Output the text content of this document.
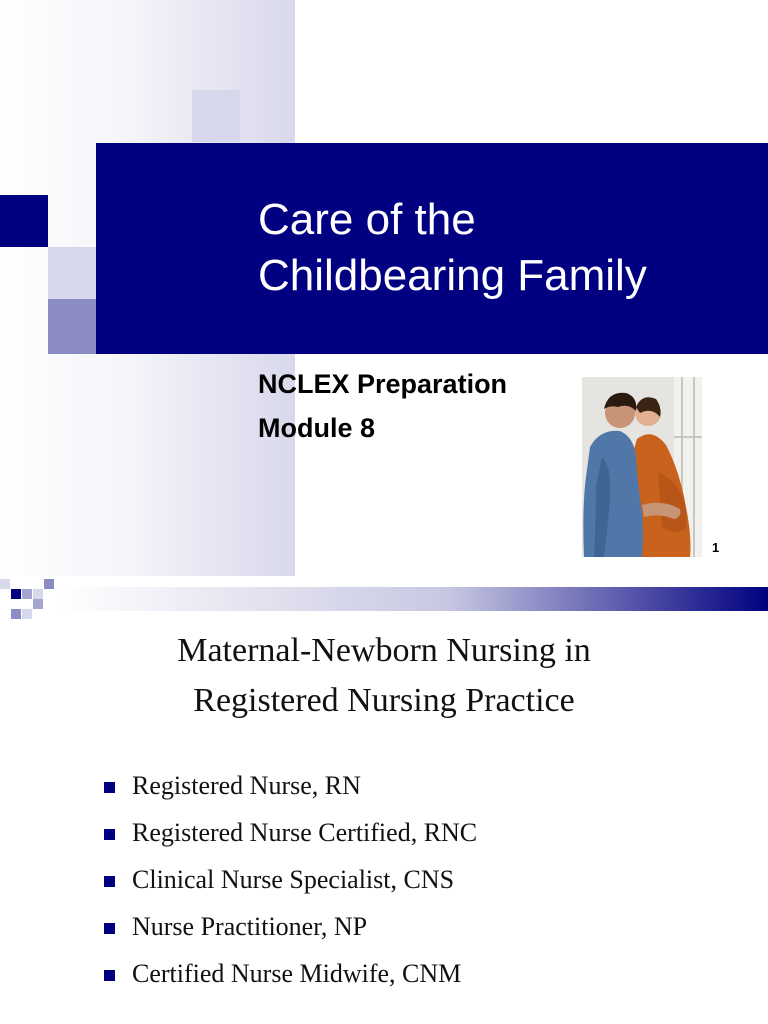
Care of the
Childbearing Family
NCLEX Preparation
Module 8
1
Maternal-Newborn Nursing in
Registered Nursing Practice
Registered Nurse, RN
Registered Nurse Certified, RNC
Clinical Nurse Specialist, CNS
Nurse Practitioner, NP
Certified Nurse Midwife, CNM
